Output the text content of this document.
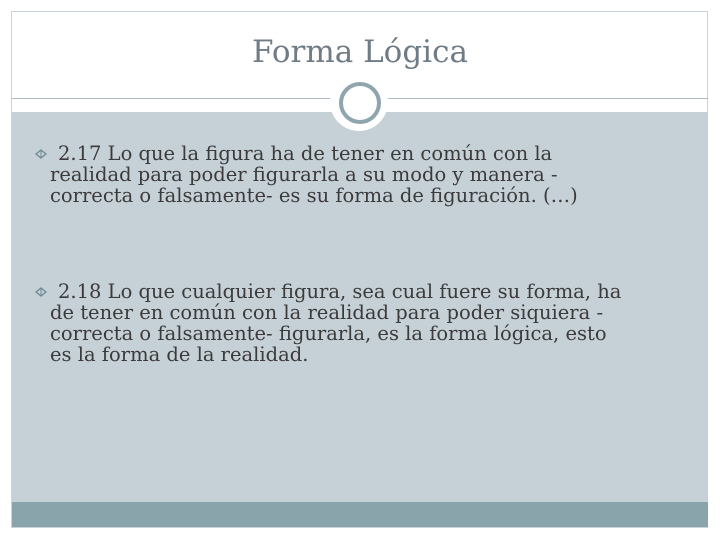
Forma Lógica
2.17 Lo que la figura ha de tener en común con la
realidad para poder figurarla a su modo y manera -
correcta o falsamente- es su forma de figuración. (…)
2.18 Lo que cualquier figura, sea cual fuere su forma, ha
de tener en común con la realidad para poder siquiera -
correcta o falsamente- figurarla, es la forma lógica, esto
es la forma de la realidad.
